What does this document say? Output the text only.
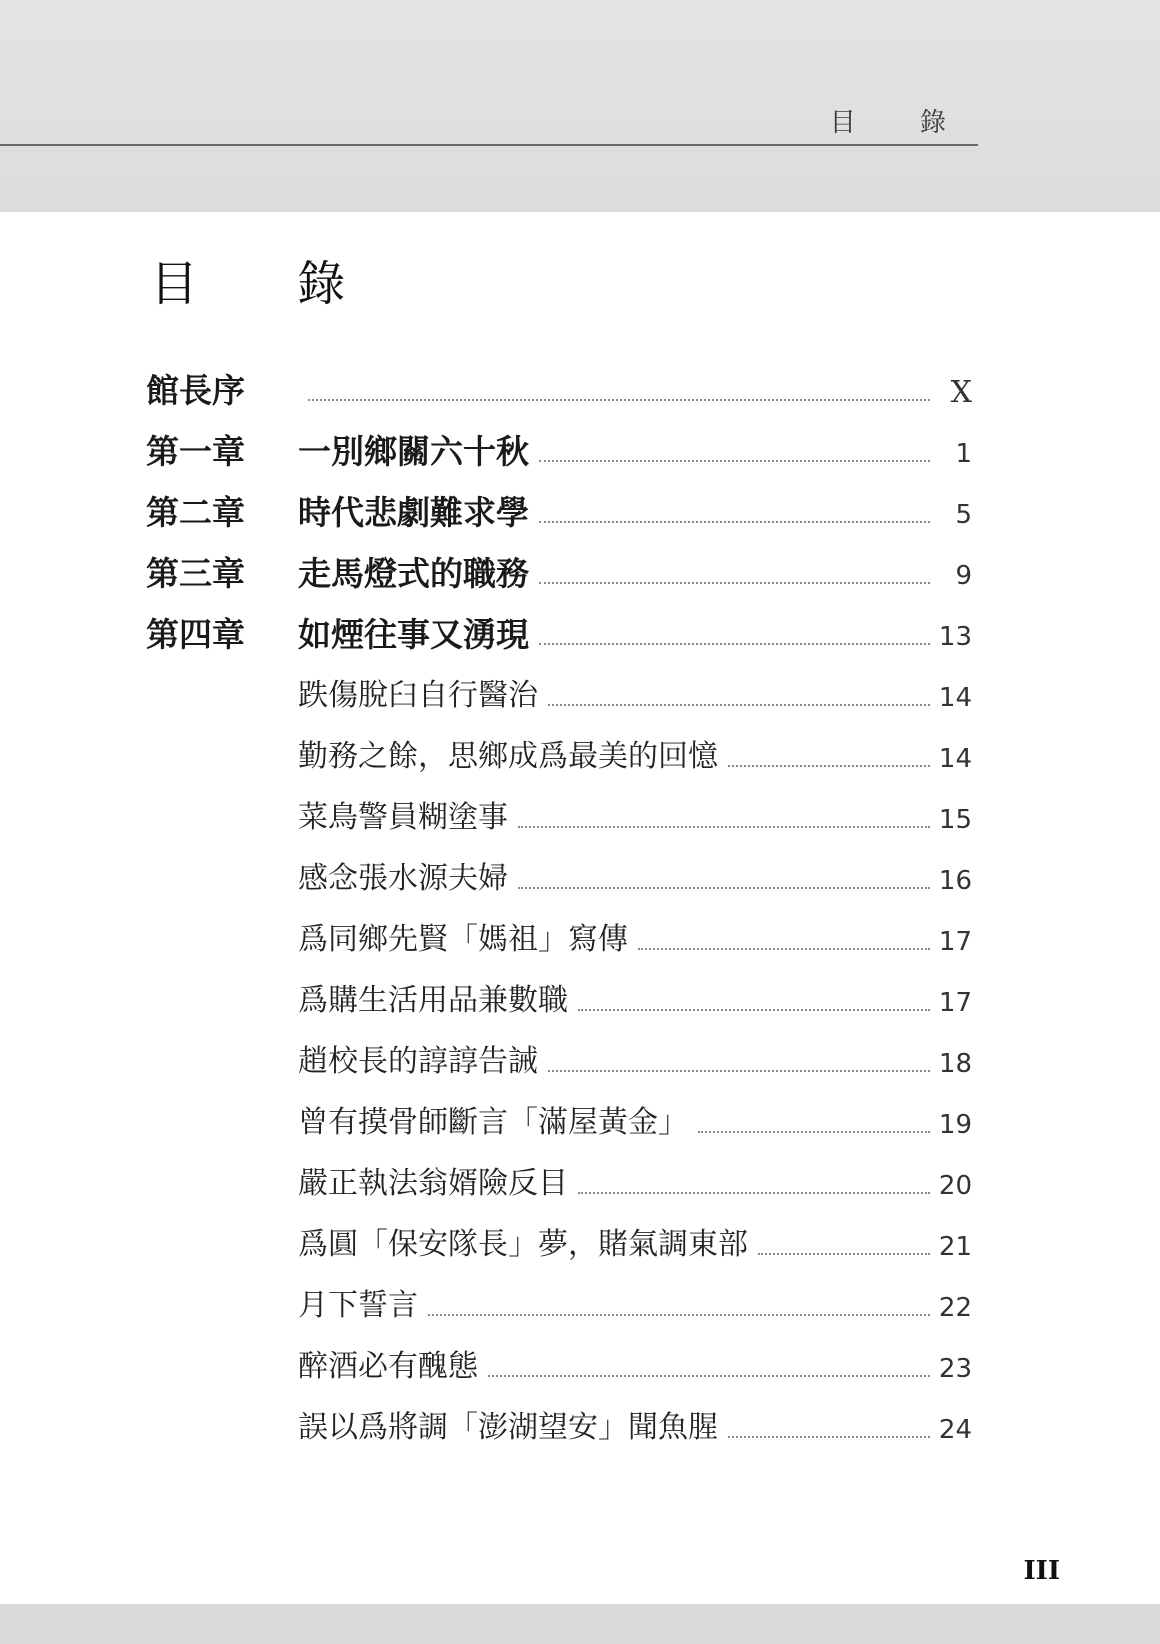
目 錄
目 錄
館長序	X
第一章	一別鄉關六十秋	1
第二章	時代悲劇難求學	5
第三章	走馬燈式的職務	9
第四章	如煙往事又湧現	13
跌傷脫臼自行醫治	14
勤務之餘，思鄉成爲最美的回憶	14
菜鳥警員糊塗事	15
感念張水源夫婦	16
爲同鄉先賢「媽祖」寫傳	17
爲購生活用品兼數職	17
趙校長的諄諄告誡	18
曾有摸骨師斷言「滿屋黃金」	19
嚴正執法翁婿險反目	20
爲圓「保安隊長」夢，賭氣調東部	21
月下誓言	22
醉酒必有醜態	23
誤以爲將調「澎湖望安」聞魚腥	24
III
